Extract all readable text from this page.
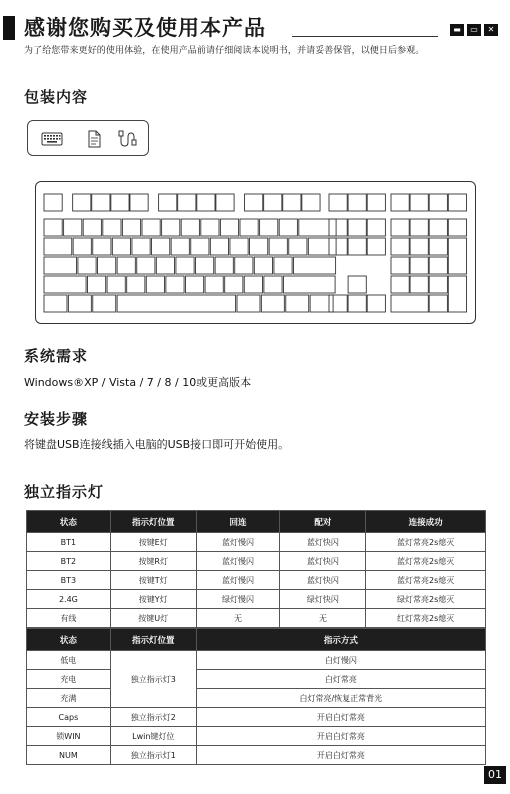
感谢您购买及使用本产品	▬	▭	✕
为了给您带来更好的使用体验，在使用产品前请仔细阅读本说明书，并请妥善保管，以便日后参观。
包装内容
系统需求
Windows®XP / Vista / 7 / 8 / 10或更高版本
安装步骤
将键盘USB连接线插入电脑的USB接口即可开始使用。
独立指示灯
状态	指示灯位置	回连	配对	连接成功
BT1	按键E灯	蓝灯慢闪	蓝灯快闪	蓝灯常亮2s熄灭
BT2	按键R灯	蓝灯慢闪	蓝灯快闪	蓝灯常亮2s熄灭
BT3	按键T灯	蓝灯慢闪	蓝灯快闪	蓝灯常亮2s熄灭
2.4G	按键Y灯	绿灯慢闪	绿灯快闪	绿灯常亮2s熄灭
有线	按键U灯	无	无	红灯常亮2s熄灭
状态	指示灯位置	指示方式
低电	独立指示灯3	白灯慢闪
充电		白灯常亮
充满		白灯常亮/恢复正常背光
Caps	独立指示灯2	开启白灯常亮
锁WIN	Lwin键灯位	开启白灯常亮
NUM	独立指示灯1	开启白灯常亮
01
